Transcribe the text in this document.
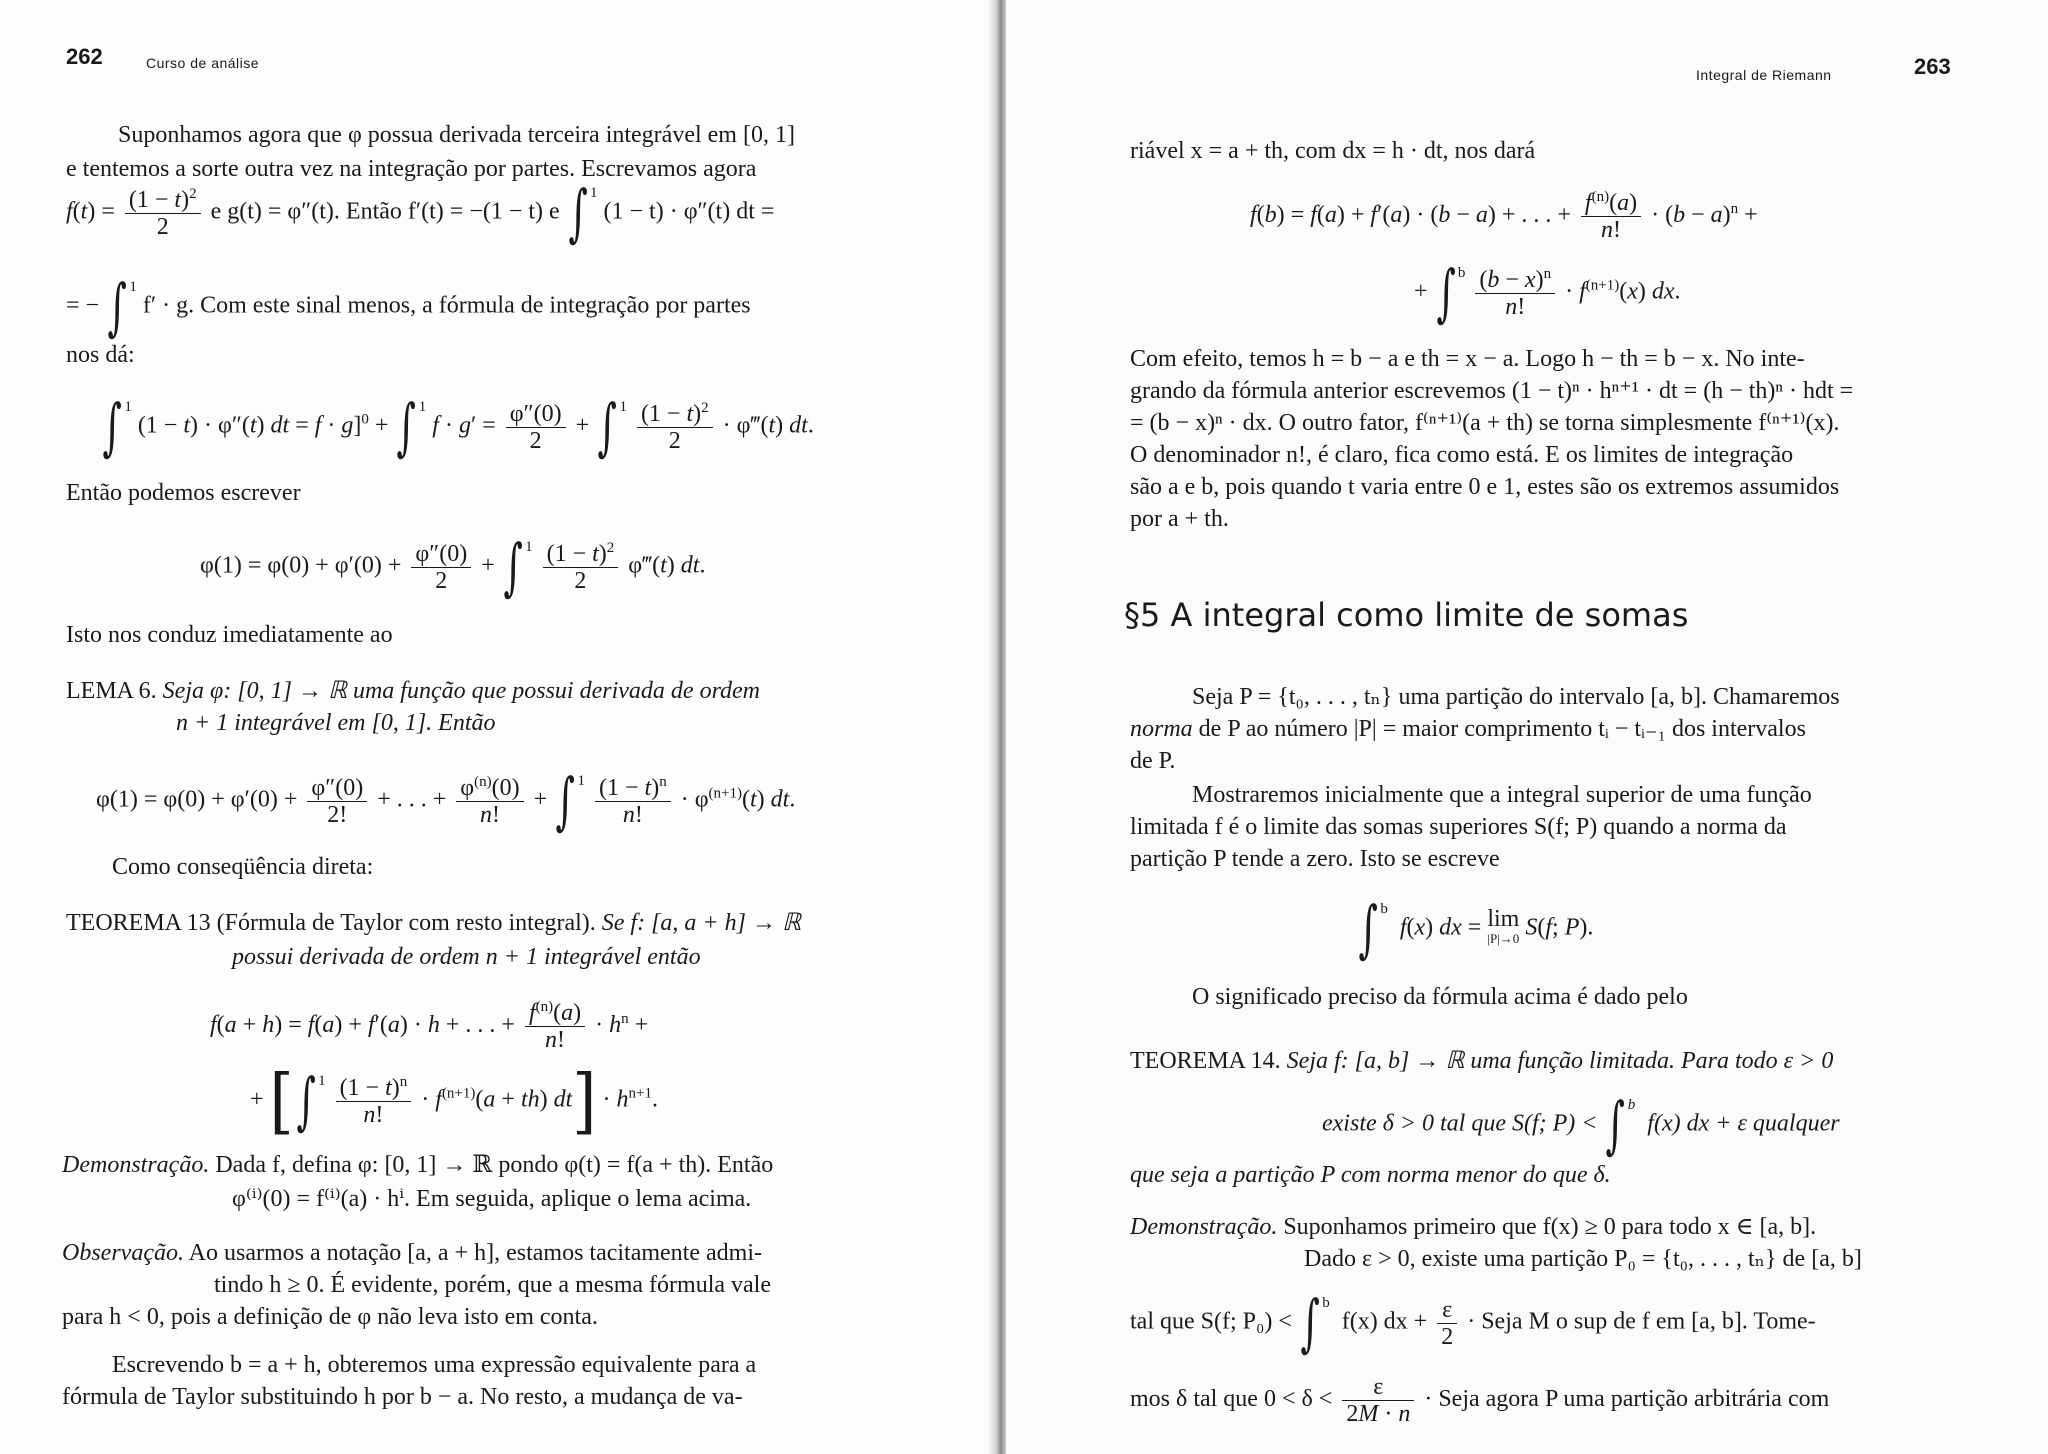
262	Curso de análise
Suponhamos agora que φ possua derivada terceira integrável em [0, 1]
e tentemos a sorte outra vez na integração por partes. Escrevamos agora
$f(t) = \frac{(1 - t)^2}{2}$ e g(t) = φ″(t). Então f′(t) = −(1 − t) e ∫ $^1$ (1 − t) · φ″(t) dt =
= − ∫ $^1$ f′ · g. Com este sinal menos, a fórmula de integração por partes
nos dá:
∫ $^1$ (1 − t) · φ″(t) dt = f · g]$^0$ + ∫ $^1$ $f \cdot g' = \frac{\varphi''(0)}{2}$ + ∫ $^1 \frac{(1 - t)^2}{2}$ · φ‴(t) dt.
Então podemos escrever
$\varphi(1) = \varphi(0) + \varphi'(0) + \frac{\varphi''(0)}{2}$ + ∫ $^1 \frac{(1 - t)^2}{2}$ φ‴(t) dt.
Isto nos conduz imediatamente ao
LEMA 6. Seja φ: [0, 1] → ℝ uma função que possui derivada de ordem
n + 1 integrável em [0, 1]. Então
$\varphi(1) = \varphi(0) + \varphi'(0) + \frac{\varphi''(0)}{2!}$ + . . . + $\frac{\varphi^{(n)}(0)}{n!}$ + ∫ $^1 \frac{(1 - t)^n}{n!} \cdot \varphi^{(n+1)}(t)$ dt.
Como conseqüência direta:
TEOREMA 13 (Fórmula de Taylor com resto integral). Se f: [a, a + h] → ℝ
possui derivada de ordem n + 1 integrável então
f(a + h) = f(a) + f′(a) · h + . . . + $\frac{f^{(n)}(a)}{n!} \cdot h^n$ +
+ [∫ $^1 \frac{(1 - t)^n}{n!} \cdot f^{(n+1)}(a + th) dt] \cdot h^{n+1}$.
Demonstração. Dada f, defina φ: [0, 1] → ℝ pondo φ(t) = f(a + th). Então
φ⁽ⁱ⁾(0) = f⁽ⁱ⁾(a) · hⁱ. Em seguida, aplique o lema acima.
Observação. Ao usarmos a notação [a, a + h], estamos tacitamente admi-
tindo h ≥ 0. É evidente, porém, que a mesma fórmula vale
para h < 0, pois a definição de φ não leva isto em conta.
Escrevendo b = a + h, obteremos uma expressão equivalente para a
fórmula de Taylor substituindo h por b − a. No resto, a mudança de va-
Integral de Riemann	263
riável x = a + th, com dx = h · dt, nos dará
f(b) = f(a) + f′(a) · (b − a) + . . . + $\frac{f^{(n)}(a)}{n!} \cdot (b - a)^n$ +
+ ∫ $^b \frac{(b - x)^n}{n!} \cdot f^{(n+1)}(x)$ dx.
Com efeito, temos h = b − a e th = x − a. Logo h − th = b − x. No inte-
grando da fórmula anterior escrevemos (1 − t)ⁿ · hⁿ⁺¹ · dt = (h − th)ⁿ · hdt =
= (b − x)ⁿ · dx. O outro fator, f⁽ⁿ⁺¹⁾(a + th) se torna simplesmente f⁽ⁿ⁺¹⁾(x).
O denominador n!, é claro, fica como está. E os limites de integração
são a e b, pois quando t varia entre 0 e 1, estes são os extremos assumidos
por a + th.
§5 A integral como limite de somas
Seja P = {t₀, . . . , tₙ} uma partição do intervalo [a, b]. Chamaremos
norma de P ao número |P| = maior comprimento tᵢ − tᵢ₋₁ dos intervalos
de P.
Mostraremos inicialmente que a integral superior de uma função
limitada f é o limite das somas superiores S(f; P) quando a norma da
partição P tende a zero. Isto se escreve
∫ $^b$  f(x) dx = lim
|P|→0 S(f; P).
O significado preciso da fórmula acima é dado pelo
TEOREMA 14. Seja f: [a, b] → ℝ uma função limitada. Para todo ε > 0
existe δ > 0 tal que S(f; P) < ∫ $^b$  f(x) dx + ε qualquer
que seja a partição P com norma menor do que δ.
Demonstração. Suponhamos primeiro que f(x) ≥ 0 para todo x ∈ [a, b].
Dado ε > 0, existe uma partição P₀ = {t₀, . . . , tₙ} de [a, b]
tal que S(f; P₀) < ∫ $^b$  f(x) dx + $\frac{\varepsilon}{2}$ · Seja M o sup de f em [a, b]. Tome-
mos δ tal que $0 < \delta < \frac{\varepsilon}{2M \cdot n}$ · Seja agora P uma partição arbitrária com
